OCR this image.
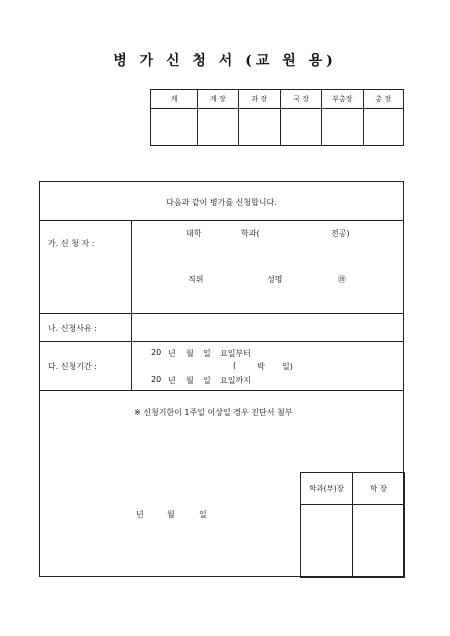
병 가 신 청 서 (교 원 용)
계	계 장	과 장	국 장	부총장	총 장

다음과 같이 병가를 신청합니다.
가. 신 청 자 :
대학	학과(	전공)
직위	성명	㊞
나. 신청사유 :
다. 신청기간 :
20 년 월 일 요일부터
(	박 일)
20 년 월 일 요일까지
※ 신청기한이 1주일 이상일 경우 진단서 첨부
년	월	일
학과(부)장	학 장
